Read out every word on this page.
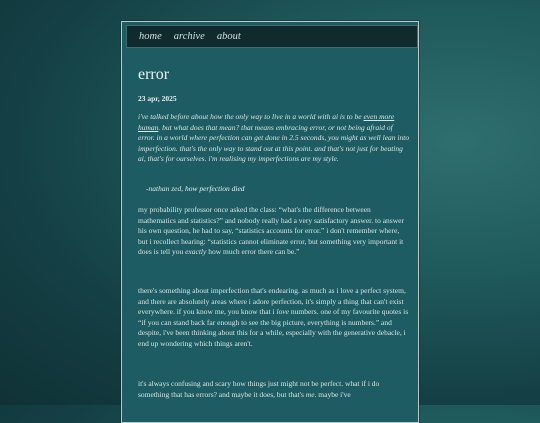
home archive about
error
23 apr, 2025
i've talked before about how the only way to live in a world with ai is to be even more human. but what does that mean? that means embracing error, or not being afraid of error. in a world where perfection can get done in 2.5 seconds, you might as well lean into imperfection. that's the only way to stand out at this point. and that's not just for beating ai, that's for ourselves. i'm realising my imperfections are my style.
-nathan zed, how perfection died

my probability professor once asked the class: “what's the difference between mathematics and statistics?” and nobody really had a very satisfactory answer. to answer his own question, he had to say, “statistics accounts for error.” i don't remember where, but i recollect hearing: “statistics cannot eliminate error, but something very important it does is tell you exactly how much error there can be.”

there's something about imperfection that's endearing. as much as i love a perfect system, and there are absolutely areas where i adore perfection, it's simply a thing that can't exist everywhere. if you know me, you know that i love numbers. one of my favourite quotes is “if you can stand back far enough to see the big picture, everything is numbers.” and despite, i've been thinking about this for a while, especially with the generative debacle, i end up wondering which things aren't.

it's always confusing and scary how things just might not be perfect. what if i do something that has errors? and maybe it does, but that's me. maybe i've
